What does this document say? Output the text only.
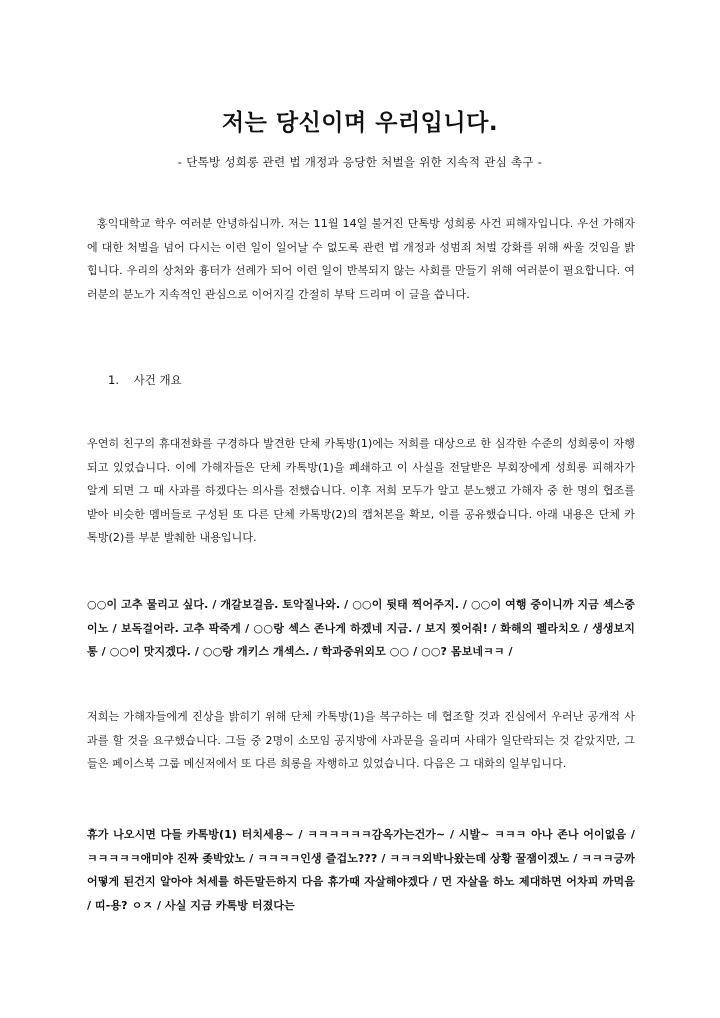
저는 당신이며 우리입니다.
- 단톡방 성희롱 관련 법 개정과 응당한 처벌을 위한 지속적 관심 촉구 -

홍익대학교 학우 여러분 안녕하십니까. 저는 11월 14일 불거진 단톡방 성희롱 사건 피해자입니다. 우선 가해자에 대한 처벌을 넘어 다시는 이런 일이 일어날 수 없도록 관련 법 개정과 성범죄 처벌 강화를 위해 싸울 것임을 밝힙니다. 우리의 상처와 흉터가 선례가 되어 이런 일이 반복되지 않는 사회를 만들기 위해 여러분이 필요합니다. 여러분의 분노가 지속적인 관심으로 이어지길 간절히 부탁 드리며 이 글을 씁니다.

1. 사건 개요

우연히 친구의 휴대전화를 구경하다 발견한 단체 카톡방(1)에는 저희를 대상으로 한 심각한 수준의 성희롱이 자행되고 있었습니다. 이에 가해자들은 단체 카톡방(1)을 폐쇄하고 이 사실을 전달받은 부회장에게 성희롱 피해자가 알게 되면 그 때 사과를 하겠다는 의사를 전했습니다. 이후 저희 모두가 알고 분노했고 가해자 중 한 명의 협조를 받아 비슷한 멤버들로 구성된 또 다른 단체 카톡방(2)의 캡처본을 확보, 이를 공유했습니다. 아래 내용은 단체 카톡방(2)를 부분 발췌한 내용입니다.

○○이 고추 물리고 싶다. / 개갈보걸음. 토악질나와. / ○○이 뒷태 찍어주지. / ○○이 여행 중이니까 지금 섹스중이노 / 보독걸어라. 고추 팍죽게 / ○○랑 섹스 존나게 하겠네 지금. / 보지 찢어줘! / 화해의 펠라치오 / 생생보지통 / ○○이 맛지겠다. / ○○랑 개키스 개섹스. / 학과중위외모 ○○ / ○○? 몸보네ㅋㅋ /

저희는 가해자들에게 진상을 밝히기 위해 단체 카톡방(1)을 복구하는 데 협조할 것과 진심에서 우러난 공개적 사과를 할 것을 요구했습니다. 그들 중 2명이 소모임 공지방에 사과문을 올리며 사태가 일단락되는 것 같았지만, 그들은 페이스북 그룹 메신저에서 또 다른 희롱을 자행하고 있었습니다. 다음은 그 대화의 일부입니다.

휴가 나오시면 다들 카톡방(1) 터치세용~ / ㅋㅋㅋㅋㅋㅋ감옥가는건가~ / 시발~ ㅋㅋㅋ 아나 존나 어이없음 / ㅋㅋㅋㅋㅋ애미야 진짜 좆박았노 / ㅋㅋㅋㅋ인생 즐겁노??? / ㅋㅋㅋ외박나왔는데 상황 꿀잼이겠노 / ㅋㅋㅋ긍까 어떻게 된건지 알아야 처세를 하든말든하지 다음 휴가때 자살해야겠다 / 먼 자살을 하노 제대하면 어차피 까먹음 / 띠-용? ㅇㅈ / 사실 지금 카톡방 터졌다는
